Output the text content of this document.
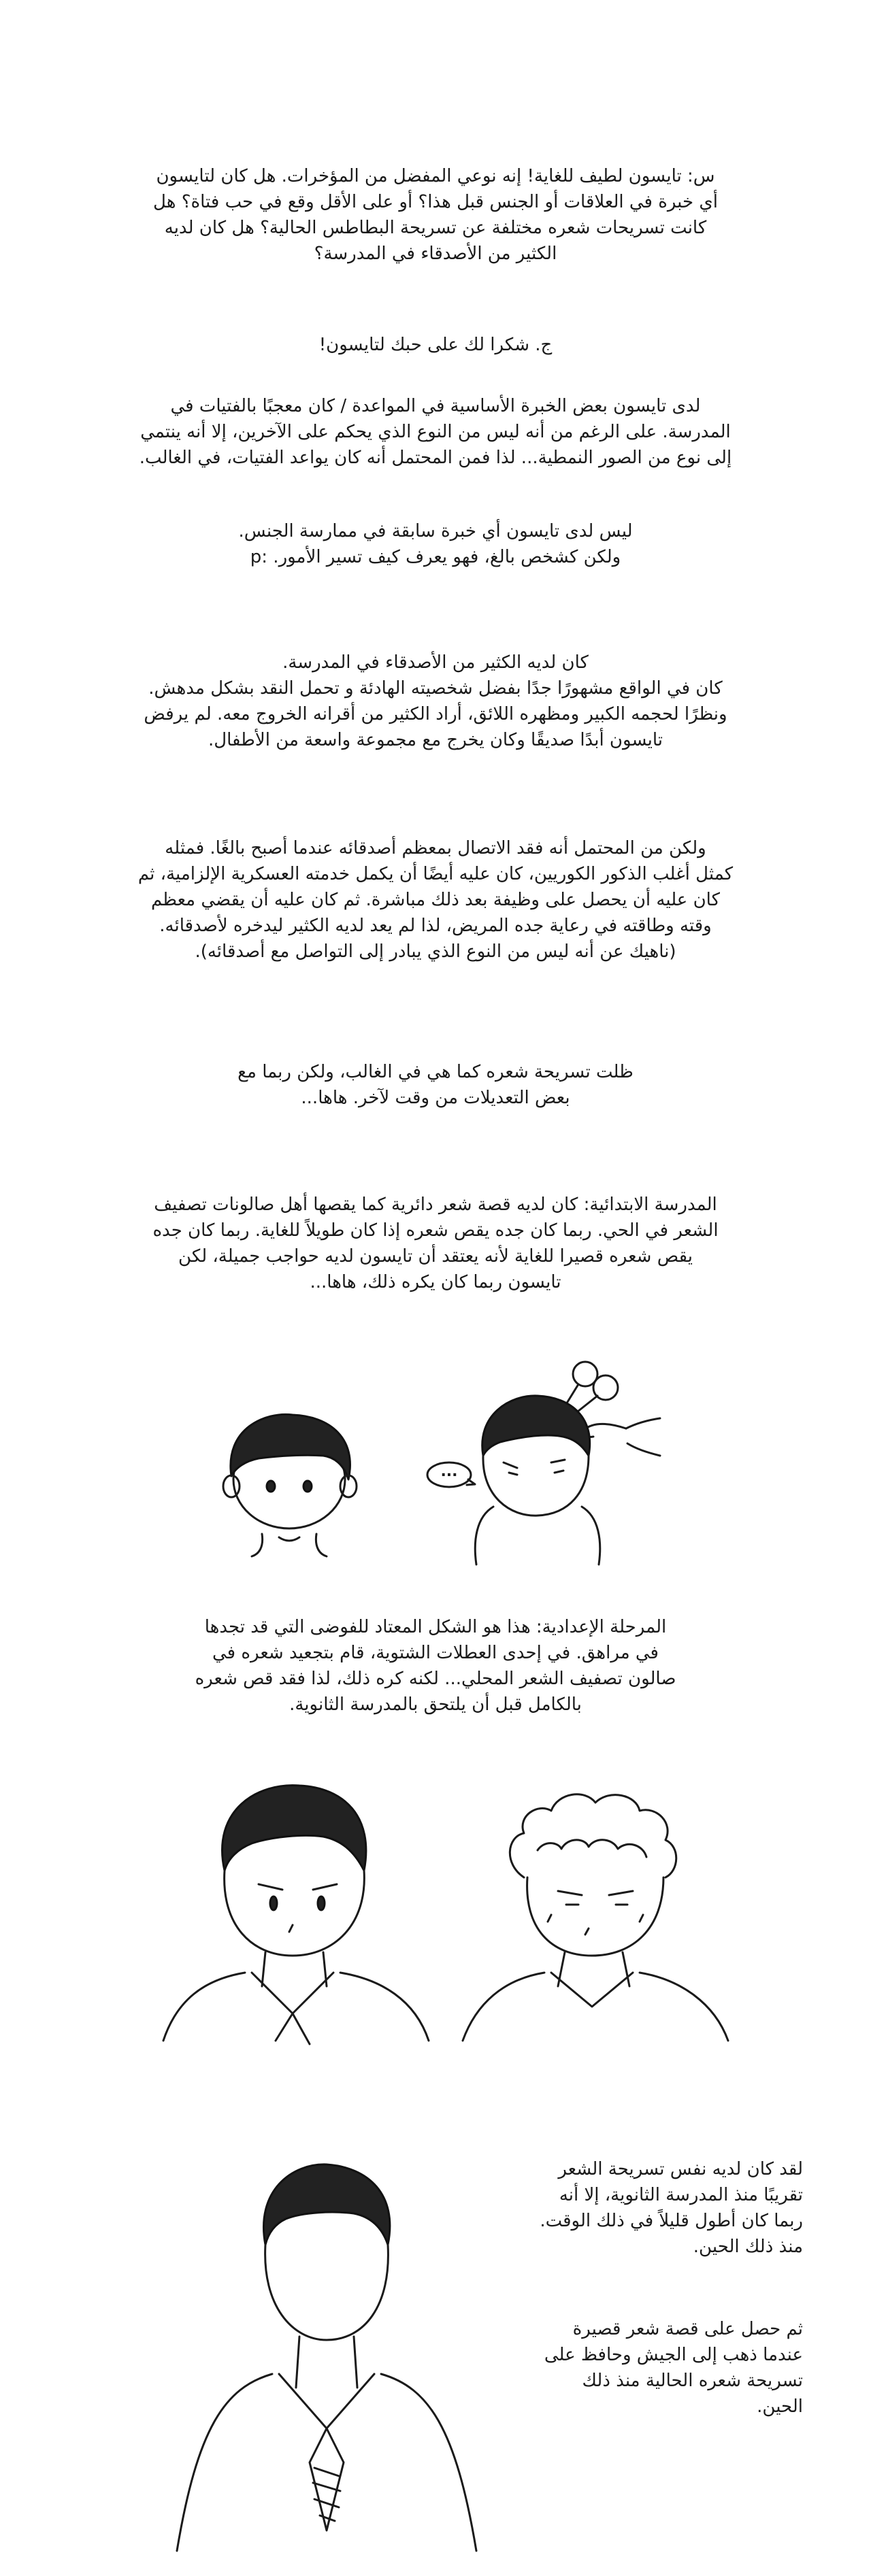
س: تايسون لطيف للغاية! إنه نوعي المفضل من المؤخرات. هل كان لتايسون

أي خبرة في العلاقات أو الجنس قبل هذا؟ أو على الأقل وقع في حب فتاة؟ هل

كانت تسريحات شعره مختلفة عن تسريحة البطاطس الحالية؟ هل كان لديه

الكثير من الأصدقاء في المدرسة؟

ج. شكرا لك على حبك لتايسون!

لدى تايسون بعض الخبرة الأساسية في المواعدة / كان معجبًا بالفتيات في

المدرسة. على الرغم من أنه ليس من النوع الذي يحكم على الآخرين، إلا أنه ينتمي

إلى نوع من الصور النمطية... لذا فمن المحتمل أنه كان يواعد الفتيات، في الغالب.

ليس لدى تايسون أي خبرة سابقة في ممارسة الجنس.

ولكن كشخص بالغ، فهو يعرف كيف تسير الأمور. :p

كان لديه الكثير من الأصدقاء في المدرسة.

كان في الواقع مشهورًا جدًا بفضل شخصيته الهادئة و تحمل النقد بشكل مدهش.

ونظرًا لحجمه الكبير ومظهره اللائق، أراد الكثير من أقرانه الخروج معه. لم يرفض

تايسون أبدًا صديقًا وكان يخرج مع مجموعة واسعة من الأطفال.

ولكن من المحتمل أنه فقد الاتصال بمعظم أصدقائه عندما أصبح بالغًا. فمثله

كمثل أغلب الذكور الكوريين، كان عليه أيضًا أن يكمل خدمته العسكرية الإلزامية، ثم

كان عليه أن يحصل على وظيفة بعد ذلك مباشرة. ثم كان عليه أن يقضي معظم

وقته وطاقته في رعاية جده المريض، لذا لم يعد لديه الكثير ليدخره لأصدقائه.

(ناهيك عن أنه ليس من النوع الذي يبادر إلى التواصل مع أصدقائه).

ظلت تسريحة شعره كما هي في الغالب، ولكن ربما مع

بعض التعديلات من وقت لآخر. هاها...

المدرسة الابتدائية: كان لديه قصة شعر دائرية كما يقصها أهل صالونات تصفيف

الشعر في الحي. ربما كان جده يقص شعره إذا كان طويلاً للغاية. ربما كان جده

يقص شعره قصيرا للغاية لأنه يعتقد أن تايسون لديه حواجب جميلة، لكن

تايسون ربما كان يكره ذلك، هاها...

...

المرحلة الإعدادية: هذا هو الشكل المعتاد للفوضى التي قد تجدها

في مراهق. في إحدى العطلات الشتوية، قام بتجعيد شعره في

صالون تصفيف الشعر المحلي... لكنه كره ذلك، لذا فقد قص شعره

بالكامل قبل أن يلتحق بالمدرسة الثانوية.

لقد كان لديه نفس تسريحة الشعر

تقريبًا منذ المدرسة الثانوية، إلا أنه

ربما كان أطول قليلاً في ذلك الوقت.

منذ ذلك الحين.

ثم حصل على قصة شعر قصيرة

عندما ذهب إلى الجيش وحافظ على

تسريحة شعره الحالية منذ ذلك

الحين.
